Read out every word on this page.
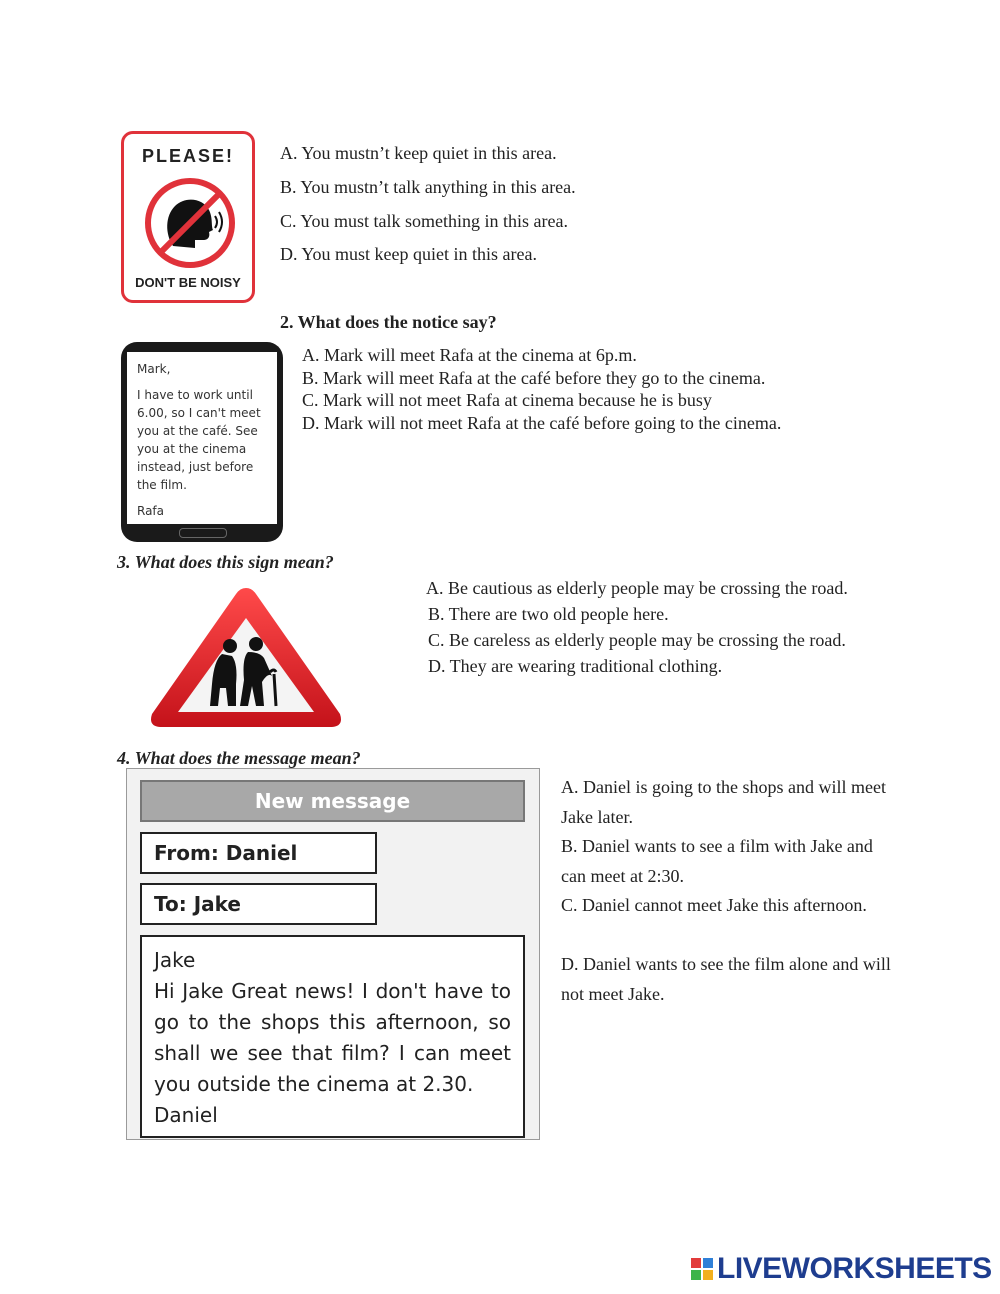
PLEASE!
DON'T BE NOISY
A. You mustn’t keep quiet in this area.
B. You mustn’t talk anything in this area.
C. You must talk something in this area.
D. You must keep quiet in this area.
2. What does the notice say?

Mark,

I have to work until

6.00, so I can't meet

you at the café. See

you at the cinema

instead, just before

the film.

Rafa

A. Mark will meet Rafa at the cinema at 6p.m.
B. Mark will meet Rafa at the café before they go to the cinema.
C. Mark will not meet Rafa at cinema because he is busy
D. Mark will not meet Rafa at the café before going to the cinema.
3. What does this sign mean?
A. Be cautious as elderly people may be crossing the road.
B. There are two old people here.
C. Be careless as elderly people may be crossing the road.
D. They are wearing traditional clothing.
4. What does the message mean?
New message
From: Daniel
To: Jake

Jake

Hi Jake Great news! I don't have to go to the shops this afternoon, so shall we see that film? I can meet you outside the cinema at 2.30.

Daniel

A. Daniel is going to the shops and will meet Jake later.
B. Daniel wants to see a film with Jake and can meet at 2:30.
C. Daniel cannot meet Jake this afternoon.
D. Daniel wants to see the film alone and will not meet Jake.
LIVEWORKSHEETS
